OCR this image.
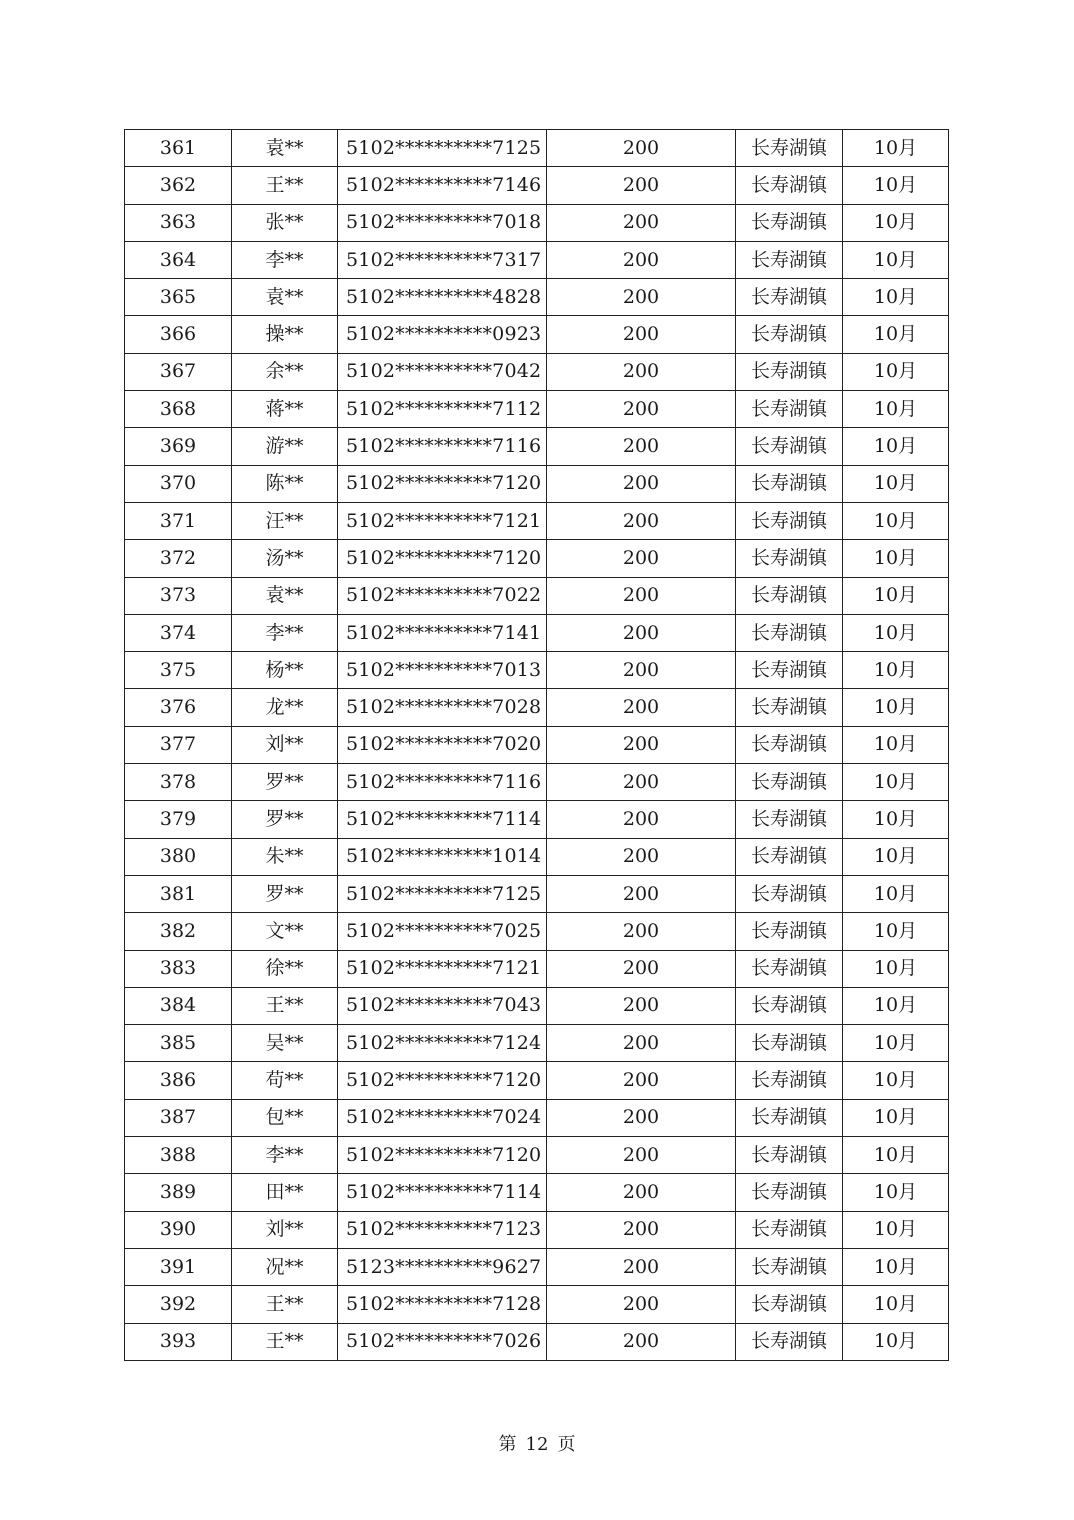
361	袁**	5102**********7125	200	长寿湖镇	10月
362	王**	5102**********7146	200	长寿湖镇	10月
363	张**	5102**********7018	200	长寿湖镇	10月
364	李**	5102**********7317	200	长寿湖镇	10月
365	袁**	5102**********4828	200	长寿湖镇	10月
366	操**	5102**********0923	200	长寿湖镇	10月
367	余**	5102**********7042	200	长寿湖镇	10月
368	蒋**	5102**********7112	200	长寿湖镇	10月
369	游**	5102**********7116	200	长寿湖镇	10月
370	陈**	5102**********7120	200	长寿湖镇	10月
371	汪**	5102**********7121	200	长寿湖镇	10月
372	汤**	5102**********7120	200	长寿湖镇	10月
373	袁**	5102**********7022	200	长寿湖镇	10月
374	李**	5102**********7141	200	长寿湖镇	10月
375	杨**	5102**********7013	200	长寿湖镇	10月
376	龙**	5102**********7028	200	长寿湖镇	10月
377	刘**	5102**********7020	200	长寿湖镇	10月
378	罗**	5102**********7116	200	长寿湖镇	10月
379	罗**	5102**********7114	200	长寿湖镇	10月
380	朱**	5102**********1014	200	长寿湖镇	10月
381	罗**	5102**********7125	200	长寿湖镇	10月
382	文**	5102**********7025	200	长寿湖镇	10月
383	徐**	5102**********7121	200	长寿湖镇	10月
384	王**	5102**********7043	200	长寿湖镇	10月
385	吴**	5102**********7124	200	长寿湖镇	10月
386	苟**	5102**********7120	200	长寿湖镇	10月
387	包**	5102**********7024	200	长寿湖镇	10月
388	李**	5102**********7120	200	长寿湖镇	10月
389	田**	5102**********7114	200	长寿湖镇	10月
390	刘**	5102**********7123	200	长寿湖镇	10月
391	况**	5123**********9627	200	长寿湖镇	10月
392	王**	5102**********7128	200	长寿湖镇	10月
393	王**	5102**********7026	200	长寿湖镇	10月
第 12 页
